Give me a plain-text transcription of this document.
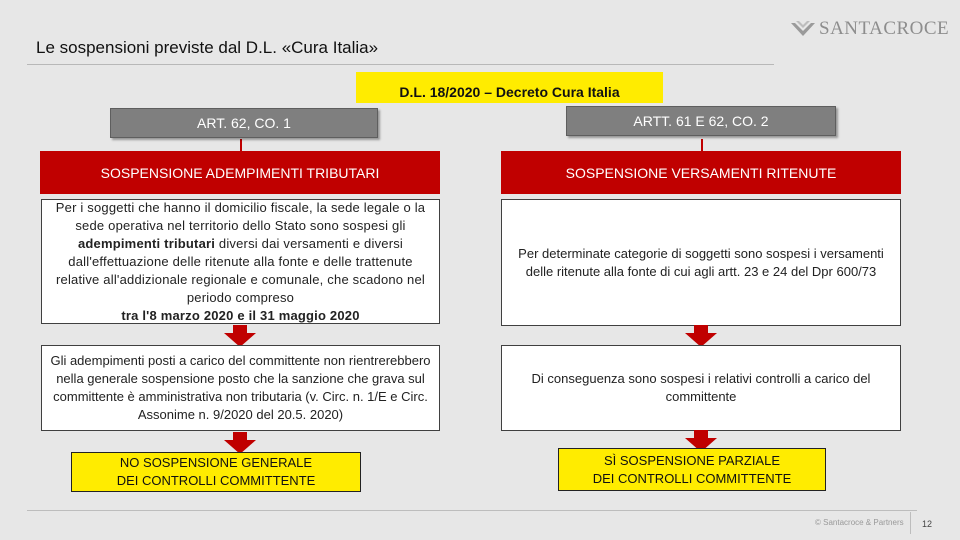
Le sospensioni previste dal D.L. «Cura Italia»
SANTACROCE
D.L. 18/2020 – Decreto Cura Italia
ART. 62, CO. 1
SOSPENSIONE ADEMPIMENTI TRIBUTARI
Per i soggetti che hanno il domicilio fiscale, la sede legale o la sede operativa nel territorio dello Stato sono sospesi gli adempimenti tributari diversi dai versamenti e diversi dall'effettuazione delle ritenute alla fonte e delle trattenute relative all'addizionale regionale e comunale, che scadono nel periodo compreso
tra l'8 marzo 2020 e il 31 maggio 2020
Gli adempimenti posti a carico del committente non rientrerebbero nella generale sospensione posto che la sanzione che grava sul committente è amministrativa non tributaria (v. Circ. n. 1/E e Circ. Assonime n. 9/2020 del 20.5. 2020)
NO SOSPENSIONE GENERALE
DEI CONTROLLI COMMITTENTE
ARTT. 61 E 62, CO. 2
SOSPENSIONE VERSAMENTI RITENUTE
Per determinate categorie di soggetti sono sospesi i versamenti delle ritenute alla fonte di cui agli artt. 23 e 24 del Dpr 600/73
Di conseguenza sono sospesi i relativi controlli a carico del committente
SÌ SOSPENSIONE PARZIALE
DEI CONTROLLI COMMITTENTE
© Santacroce & Partners 12
